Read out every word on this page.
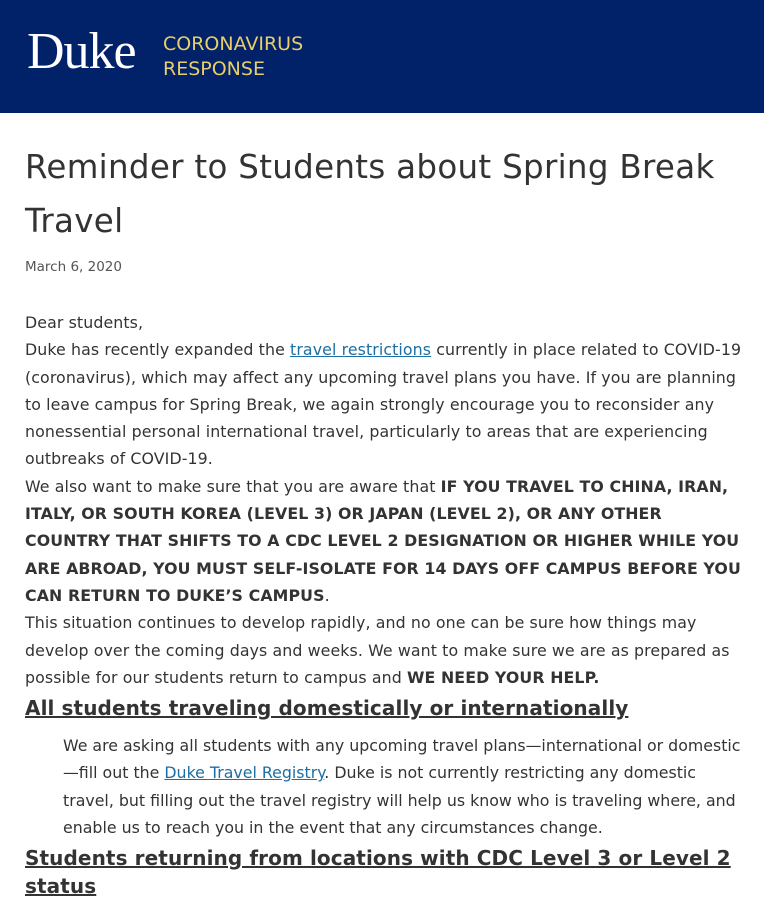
Duke CORONAVIRUS
RESPONSE
Reminder to Students about Spring Break Travel
March 6, 2020

Dear students,

Duke has recently expanded the travel restrictions currently in place related to COVID-19 (coronavirus), which may affect any upcoming travel plans you have. If you are planning to leave campus for Spring Break, we again strongly encourage you to reconsider any nonessential personal international travel, particularly to areas that are experiencing outbreaks of COVID-19.

We also want to make sure that you are aware that IF YOU TRAVEL TO CHINA, IRAN, ITALY, OR SOUTH KOREA (LEVEL 3) OR JAPAN (LEVEL 2), OR ANY OTHER COUNTRY THAT SHIFTS TO A CDC LEVEL 2 DESIGNATION OR HIGHER WHILE YOU ARE ABROAD, YOU MUST SELF-ISOLATE FOR 14 DAYS OFF CAMPUS BEFORE YOU CAN RETURN TO DUKE’S CAMPUS.

This situation continues to develop rapidly, and no one can be sure how things may develop over the coming days and weeks. We want to make sure we are as prepared as possible for our students return to campus and WE NEED YOUR HELP.

All students traveling domestically or internationally
We are asking all students with any upcoming travel plans—international or domestic—fill out the Duke Travel Registry. Duke is not currently restricting any domestic travel, but filling out the travel registry will help us know who is traveling where, and enable us to reach you in the event that any circumstances change.
Students returning from locations with CDC Level 3 or Level 2 status
